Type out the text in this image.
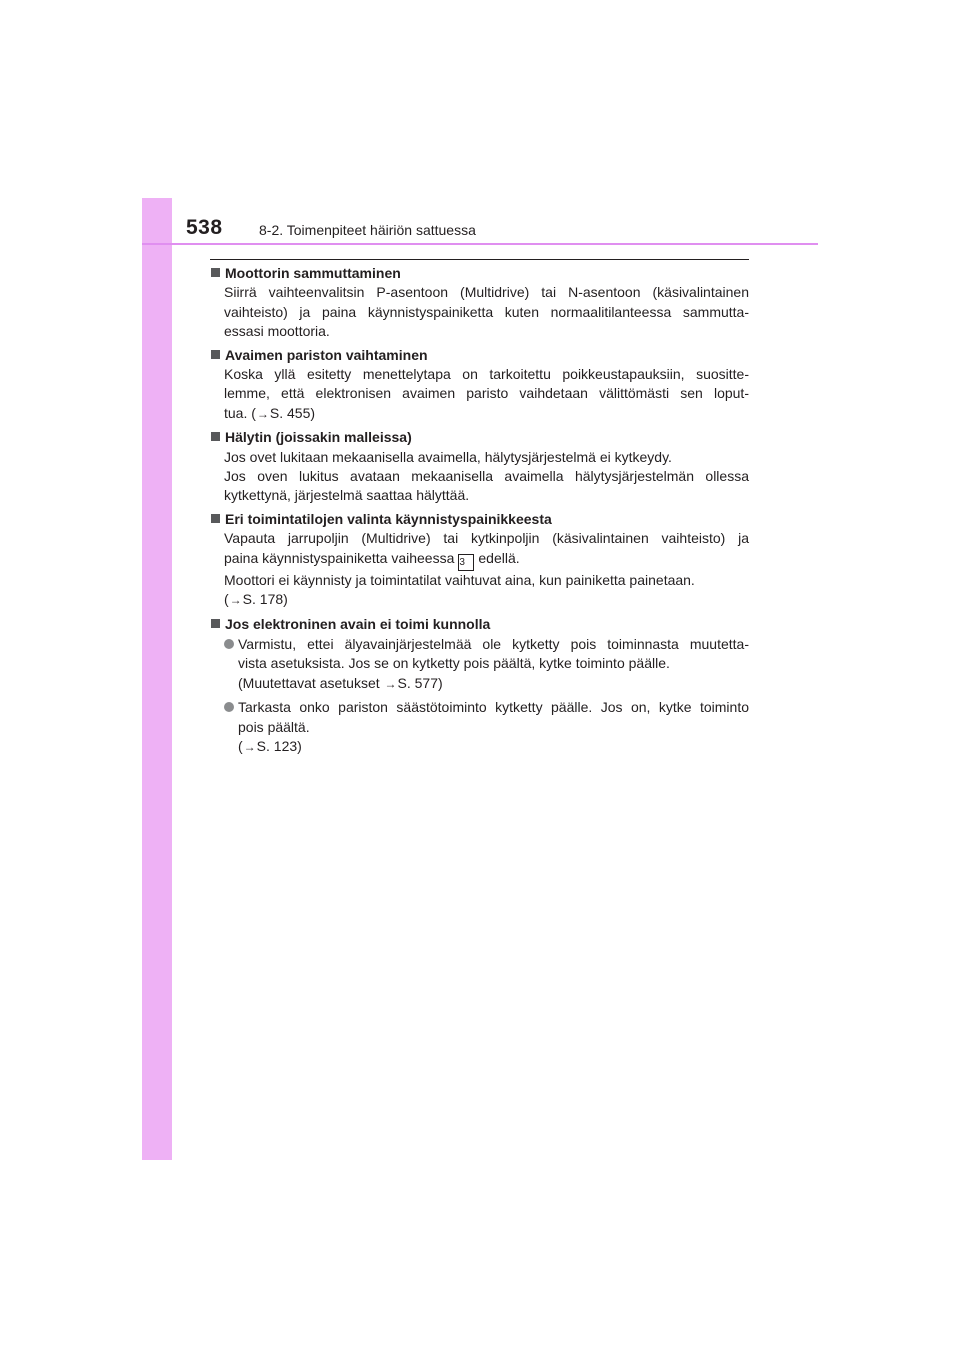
538	8-2. Toimenpiteet häiriön sattuessa
Moottorin sammuttaminen
Siirrä vaihteenvalitsin P-asentoon (Multidrive) tai N-asentoon (käsivalintainen
vaihteisto) ja paina käynnistyspainiketta kuten normaalitilanteessa sammutta-
essasi moottoria.
Avaimen pariston vaihtaminen
Koska yllä esitetty menettelytapa on tarkoitettu poikkeustapauksiin, suositte-
lemme, että elektronisen avaimen paristo vaihdetaan välittömästi sen loput-
tua. (→S. 455)
Hälytin (joissakin malleissa)
Jos ovet lukitaan mekaanisella avaimella, hälytysjärjestelmä ei kytkeydy.
Jos oven lukitus avataan mekaanisella avaimella hälytysjärjestelmän ollessa
kytkettynä, järjestelmä saattaa hälyttää.
Eri toimintatilojen valinta käynnistyspainikkeesta
Vapauta jarrupoljin (Multidrive) tai kytkinpoljin (käsivalintainen vaihteisto) ja
paina käynnistyspainiketta vaiheessa 3 edellä.
Moottori ei käynnisty ja toimintatilat vaihtuvat aina, kun painiketta painetaan.
(→S. 178)
Jos elektroninen avain ei toimi kunnolla
Varmistu, ettei älyavainjärjestelmää ole kytketty pois toiminnasta muutetta-
vista asetuksista. Jos se on kytketty pois päältä, kytke toiminto päälle.
(Muutettavat asetukset →S. 577)
Tarkasta onko pariston säästötoiminto kytketty päälle. Jos on, kytke toiminto
pois päältä.
(→S. 123)
